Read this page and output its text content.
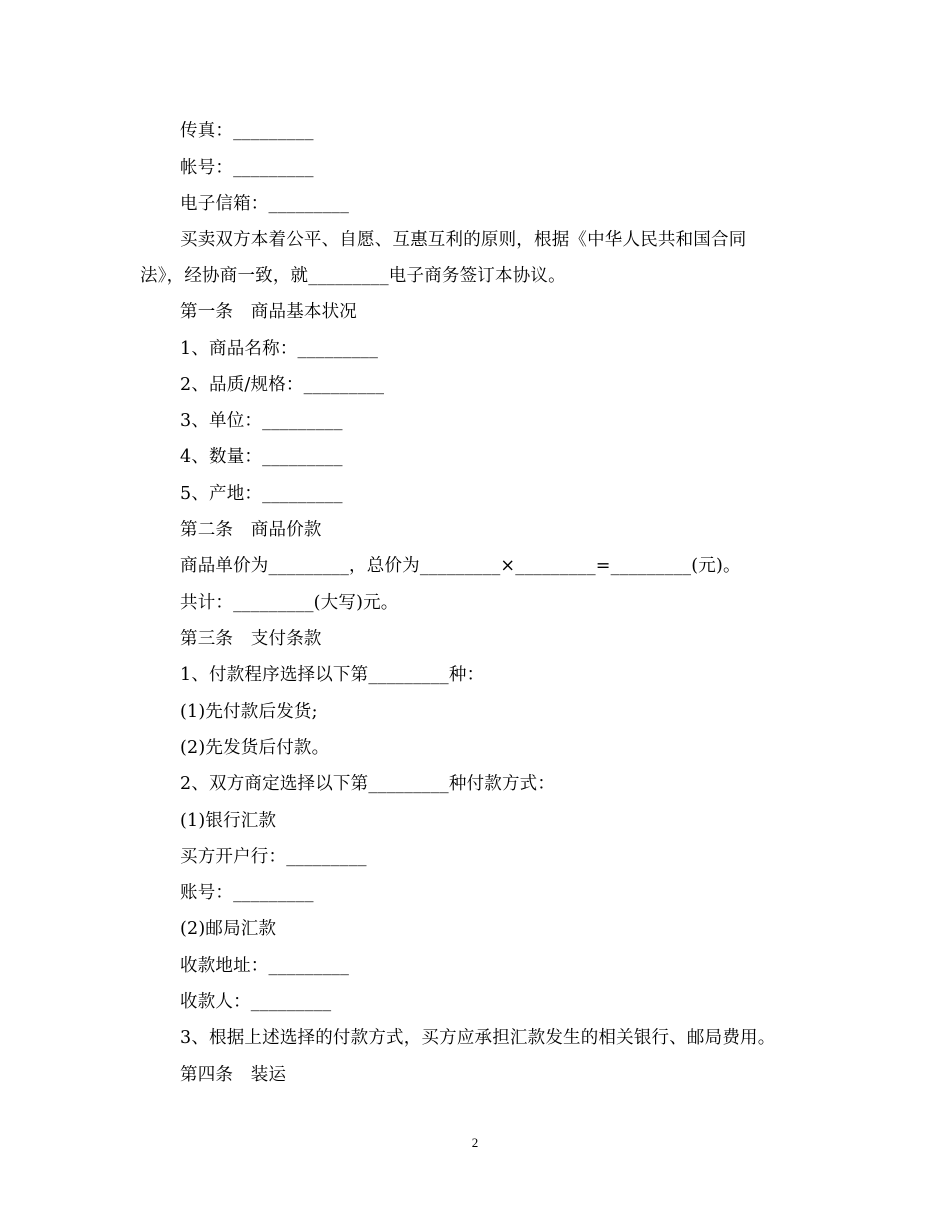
传真：_________
帐号：_________
电子信箱：_________
买卖双方本着公平、自愿、互惠互利的原则，根据《中华人民共和国合同
法》，经协商一致，就_________电子商务签订本协议。
第一条　商品基本状况
1、商品名称：_________
2、品质/规格：_________
3、单位：_________
4、数量：_________
5、产地：_________
第二条　商品价款
商品单价为_________，总价为_________×_________=_________(元)。
共计：_________(大写)元。
第三条　支付条款
1、付款程序选择以下第_________种：
(1)先付款后发货;
(2)先发货后付款。
2、双方商定选择以下第_________种付款方式：
(1)银行汇款
买方开户行：_________
账号：_________
(2)邮局汇款
收款地址：_________
收款人：_________
3、根据上述选择的付款方式，买方应承担汇款发生的相关银行、邮局费用。
第四条　装运
2
